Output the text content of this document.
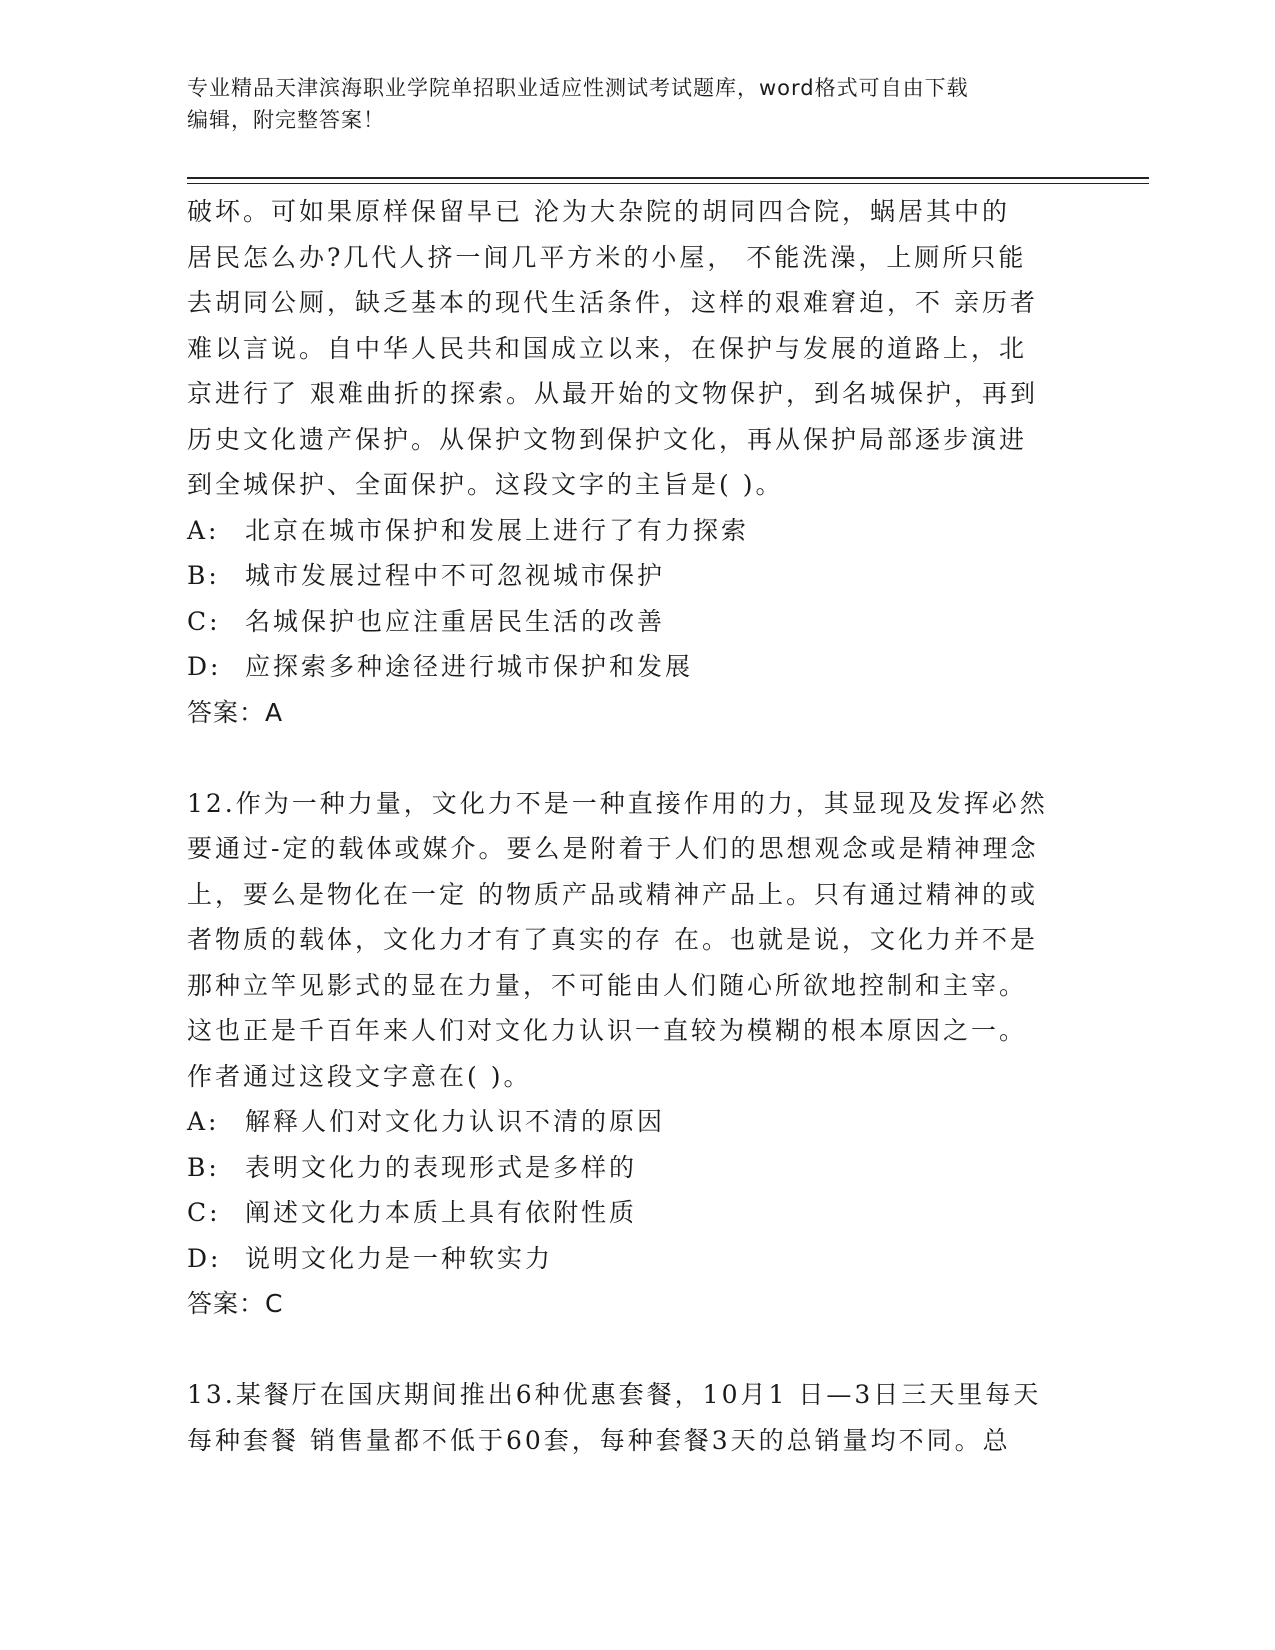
专业精品天津滨海职业学院单招职业适应性测试考试题库，word格式可自由下载
编辑，附完整答案！
破坏。可如果原样保留早已 沦为大杂院的胡同四合院，蜗居其中的
居民怎么办?几代人挤一间几平方米的小屋， 不能洗澡，上厕所只能
去胡同公厕，缺乏基本的现代生活条件，这样的艰难窘迫，不 亲历者
难以言说。自中华人民共和国成立以来，在保护与发展的道路上，北
京进行了 艰难曲折的探索。从最开始的文物保护，到名城保护，再到
历史文化遗产保护。从保护文物到保护文化，再从保护局部逐步演进
到全城保护、全面保护。这段文字的主旨是( )。
A:	北京在城市保护和发展上进行了有力探索
B:	城市发展过程中不可忽视城市保护
C: 名城保护也应注重居民生活的改善
D: 应探索多种途径进行城市保护和发展
答案：A
12.作为一种力量，文化力不是一种直接作用的力，其显现及发挥必然
要通过-定的载体或媒介。要么是附着于人们的思想观念或是精神理念
上，要么是物化在一定 的物质产品或精神产品上。只有通过精神的或
者物质的载体，文化力才有了真实的存 在。也就是说，文化力并不是
那种立竿见影式的显在力量，不可能由人们随心所欲地控制和主宰。
这也正是千百年来人们对文化力认识一直较为模糊的根本原因之一。
作者通过这段文字意在( )。
A:	解释人们对文化力认识不清的原因
B:	表明文化力的表现形式是多样的
C: 阐述文化力本质上具有依附性质
D: 说明文化力是一种软实力
答案：C
13.某餐厅在国庆期间推出6种优惠套餐，10月1 日—3日三天里每天
每种套餐 销售量都不低于60套，每种套餐3天的总销量均不同。总
